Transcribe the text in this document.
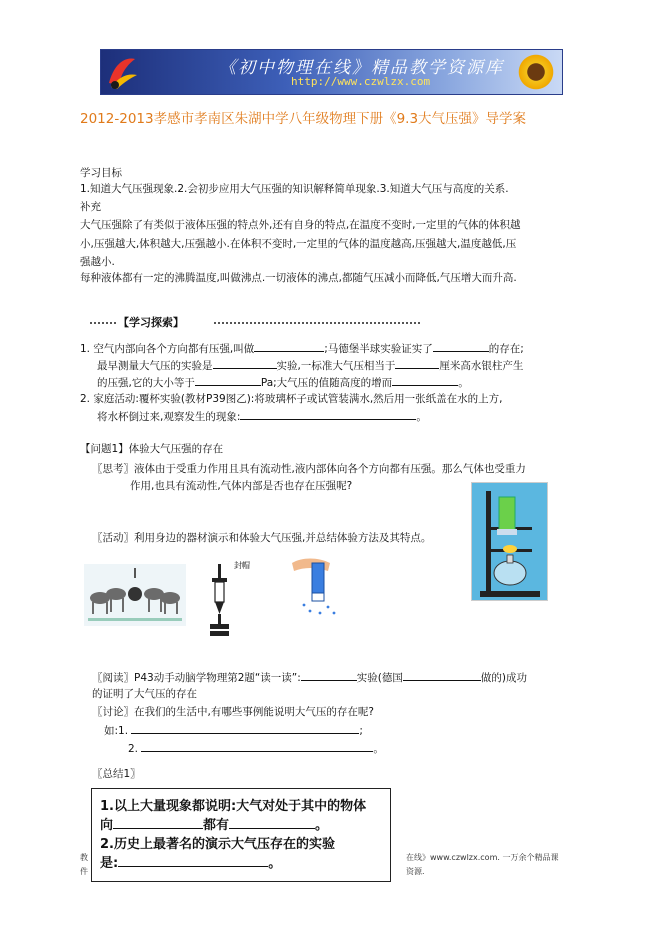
《初中物理在线》精品教学资源库
http://www.czwlzx.com
2012-2013孝感市孝南区朱湖中学八年级物理下册《9.3大气压强》导学案
学习目标
1.知道大气压强现象.2.会初步应用大气压强的知识解释简单现象.3.知道大气压与高度的关系.
补充
大气压强除了有类似于液体压强的特点外,还有自身的特点,在温度不变时,一定里的气体的体积越
小,压强越大,体积越大,压强越小.在体积不变时,一定里的气体的温度越高,压强越大,温度越低,压
强越小.
每种液体都有一定的沸腾温度,叫做沸点.一切液体的沸点,都随气压减小而降低,气压增大而升高.
【学习探索】
1. 空气内部向各个方向都有压强,叫做	;马德堡半球实验证实了	的存在;
最早测量大气压的实验是	实验,一标准大气压相当于	厘米高水银柱产生
的压强,它的大小等于	Pa;大气压的值随高度的增而	。
2. 家庭活动:覆杯实验(教材P39图乙):将玻璃杯子或试管装满水,然后用一张纸盖在水的上方,
将水杯倒过来,观察发生的现象:	。
【问题1】体验大气压强的存在
〖思考〗液体由于受重力作用且具有流动性,液内部体向各个方向都有压强。那么气体也受重力
作用,也具有流动性,气体内部是否也存在压强呢?
〖活动〗利用身边的器材演示和体验大气压强,并总结体验方法及其特点。
封帽
〖阅读〗P43动手动脑学物理第2题“读一读”:	实验(德国	做的)成功
的证明了大气压的存在
〖讨论〗在我们的生活中,有哪些事例能说明大气压的存在呢?
如:1.	;
2.	。
〖总结1〗
教	在线》www.czwlzx.com. 一万余个精品课
件	资源.
1.以上大量现象都说明:大气对处于其中的物体
向	都有	。
2.历史上最著名的演示大气压存在的实验
是:	。
